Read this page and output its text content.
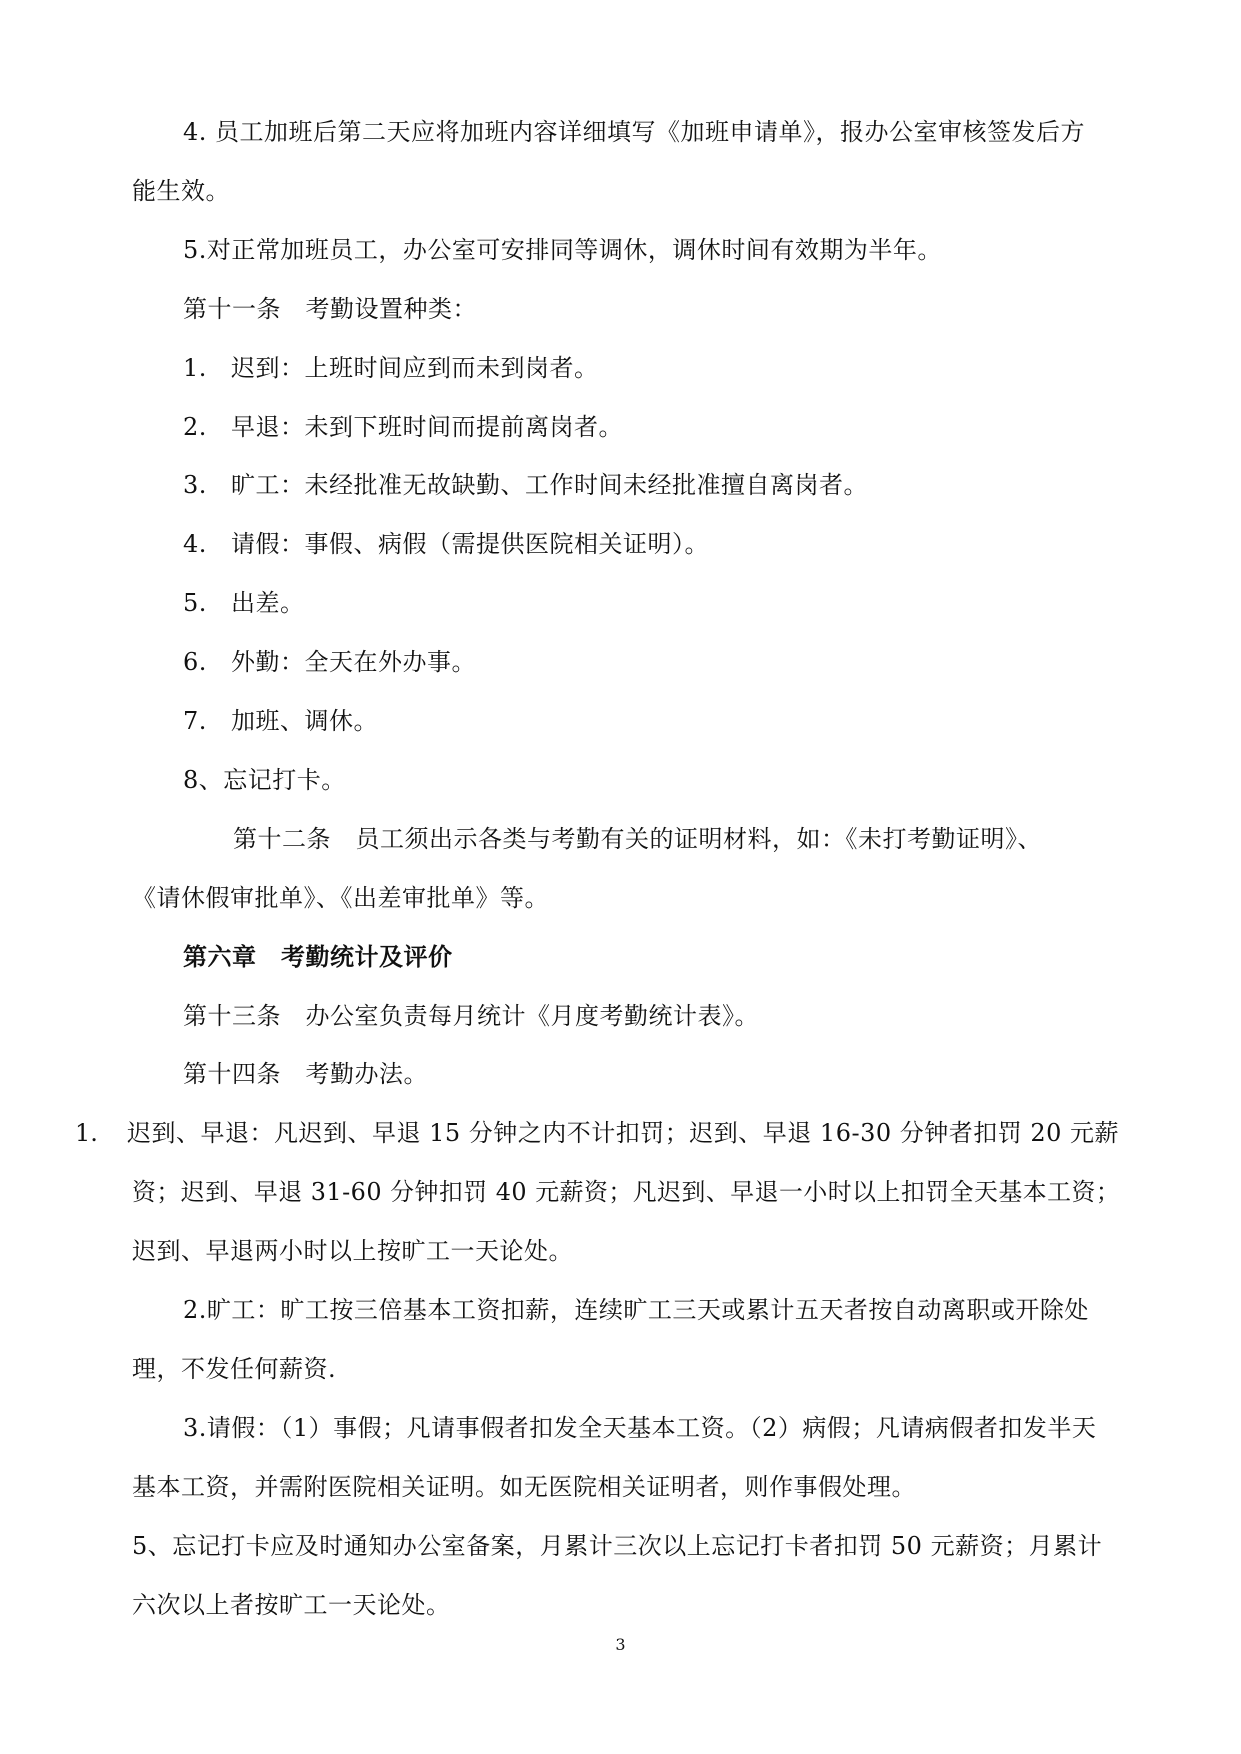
4. 员工加班后第二天应将加班内容详细填写《加班申请单》，报办公室审核签发后方
能生效。
5.对正常加班员工，办公室可安排同等调休，调休时间有效期为半年。
第十一条　考勤设置种类：
1. 迟到：上班时间应到而未到岗者。
2. 早退：未到下班时间而提前离岗者。
3. 旷工：未经批准无故缺勤、工作时间未经批准擅自离岗者。
4. 请假：事假、病假（需提供医院相关证明）。
5. 出差。
6. 外勤：全天在外办事。
7. 加班、调休。
8、忘记打卡。
第十二条　员工须出示各类与考勤有关的证明材料，如：《未打考勤证明》、
《请休假审批单》、《出差审批单》等。
第六章　考勤统计及评价
第十三条　办公室负责每月统计《月度考勤统计表》。
第十四条　考勤办法。
1. 迟到、早退：凡迟到、早退 15 分钟之内不计扣罚；迟到、早退 16-30 分钟者扣罚 20 元薪
资；迟到、早退 31-60 分钟扣罚 40 元薪资；凡迟到、早退一小时以上扣罚全天基本工资；
迟到、早退两小时以上按旷工一天论处。
2.旷工：旷工按三倍基本工资扣薪，连续旷工三天或累计五天者按自动离职或开除处
理，不发任何薪资.
3.请假：（1）事假；凡请事假者扣发全天基本工资。（2）病假；凡请病假者扣发半天
基本工资，并需附医院相关证明。如无医院相关证明者，则作事假处理。
5、忘记打卡应及时通知办公室备案，月累计三次以上忘记打卡者扣罚 50 元薪资；月累计
六次以上者按旷工一天论处。
3
